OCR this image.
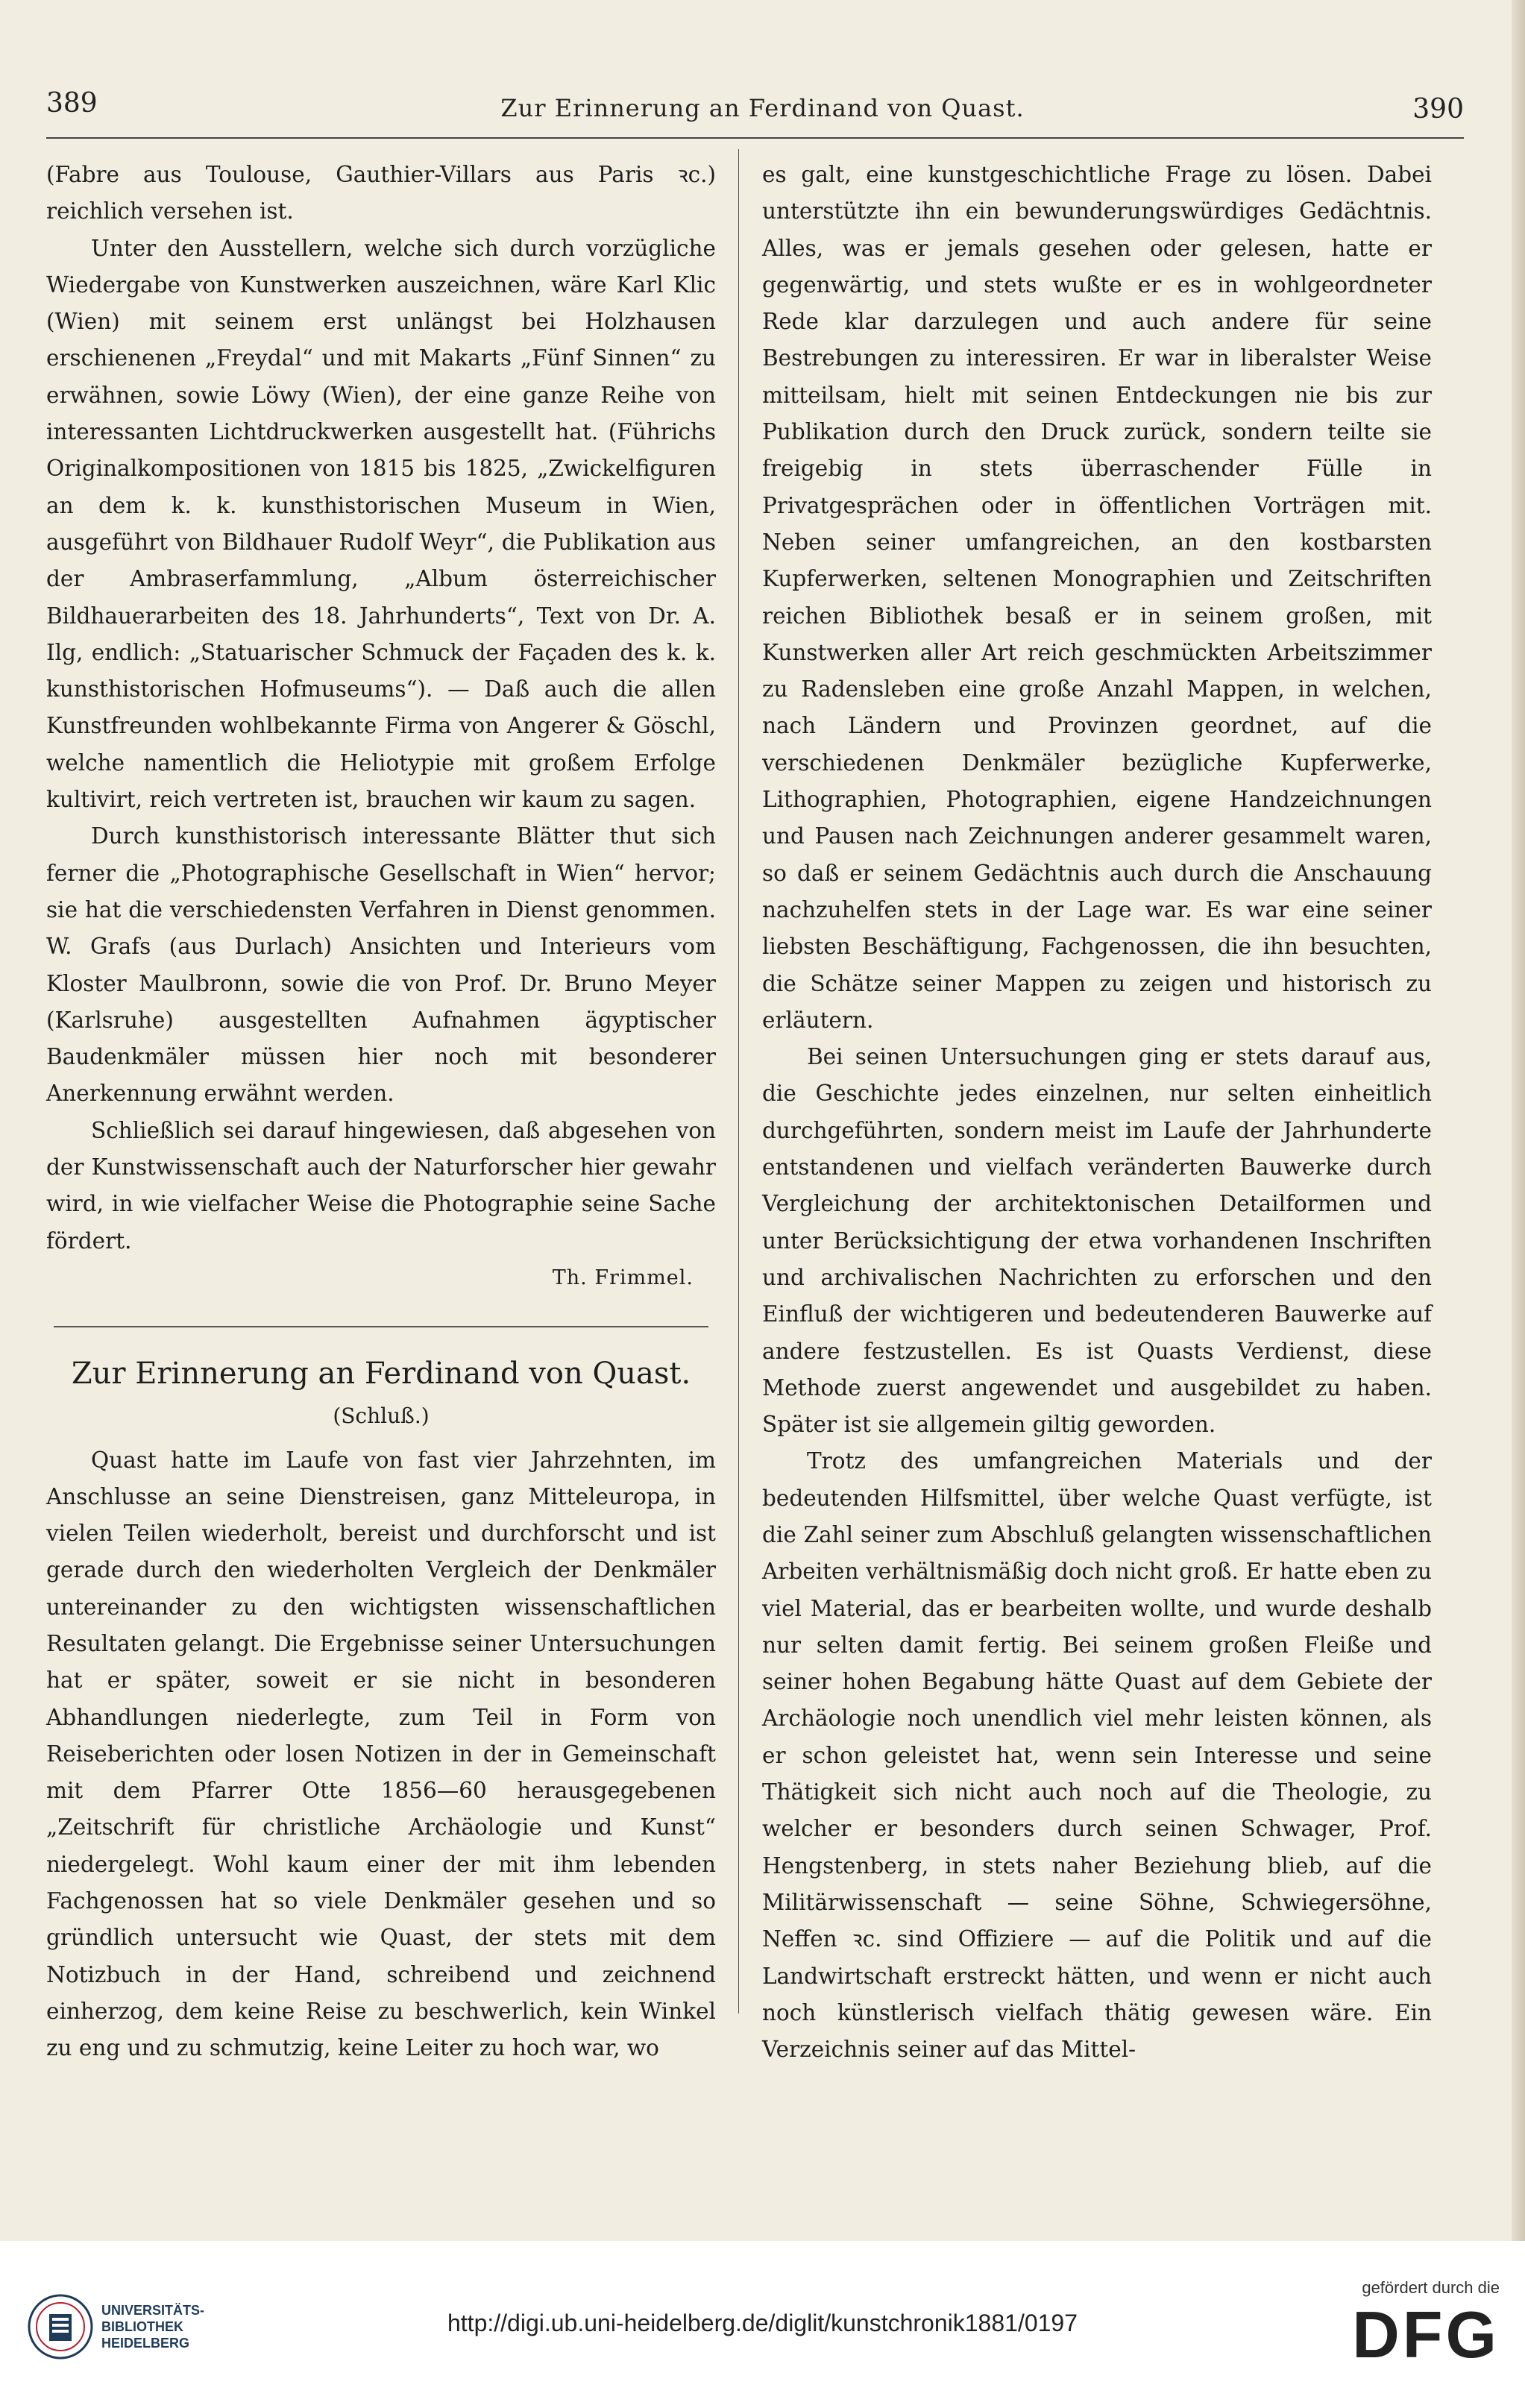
389	Zur Erinnerung an Ferdinand von Quast.	390

(Fabre aus Toulouse, Gauthier-Villars aus Paris ꝛc.) reichlich versehen ist.

Unter den Ausstellern, welche sich durch vorzügliche Wiedergabe von Kunstwerken auszeichnen, wäre Karl Klic (Wien) mit seinem erst unlängst bei Holzhausen erschienenen „Freydal“ und mit Makarts „Fünf Sinnen“ zu erwähnen, sowie Löwy (Wien), der eine ganze Reihe von interessanten Lichtdruckwerken ausgestellt hat. (Führichs Originalkompositionen von 1815 bis 1825, „Zwickelfiguren an dem k. k. kunsthistorischen Museum in Wien, ausgeführt von Bildhauer Rudolf Weyr“, die Publikation aus der Ambraserfammlung, „Album österreichischer Bildhauerarbeiten des 18. Jahrhunderts“, Text von Dr. A. Ilg, endlich: „Statuarischer Schmuck der Façaden des k. k. kunsthistorischen Hofmuseums“). — Daß auch die allen Kunstfreunden wohlbekannte Firma von Angerer & Göschl, welche namentlich die Heliotypie mit großem Erfolge kultivirt, reich vertreten ist, brauchen wir kaum zu sagen.

Durch kunsthistorisch interessante Blätter thut sich ferner die „Photographische Gesellschaft in Wien“ hervor; sie hat die verschiedensten Verfahren in Dienst genommen. W. Grafs (aus Durlach) Ansichten und Interieurs vom Kloster Maulbronn, sowie die von Prof. Dr. Bruno Meyer (Karlsruhe) ausgestellten Aufnahmen ägyptischer Baudenkmäler müssen hier noch mit besonderer Anerkennung erwähnt werden.

Schließlich sei darauf hingewiesen, daß abgesehen von der Kunstwissenschaft auch der Naturforscher hier gewahr wird, in wie vielfacher Weise die Photographie seine Sache fördert.

Th. Frimmel.

Zur Erinnerung an Ferdinand von Quast.

(Schluß.)

Quast hatte im Laufe von fast vier Jahrzehnten, im Anschlusse an seine Dienstreisen, ganz Mitteleuropa, in vielen Teilen wiederholt, bereist und durchforscht und ist gerade durch den wiederholten Vergleich der Denkmäler untereinander zu den wichtigsten wissenschaftlichen Resultaten gelangt. Die Ergebnisse seiner Untersuchungen hat er später, soweit er sie nicht in besonderen Abhandlungen niederlegte, zum Teil in Form von Reiseberichten oder losen Notizen in der in Gemeinschaft mit dem Pfarrer Otte 1856—60 herausgegebenen „Zeitschrift für christliche Archäologie und Kunst“ niedergelegt. Wohl kaum einer der mit ihm lebenden Fachgenossen hat so viele Denkmäler gesehen und so gründlich untersucht wie Quast, der stets mit dem Notizbuch in der Hand, schreibend und zeichnend einherzog, dem keine Reise zu beschwerlich, kein Winkel zu eng und zu schmutzig, keine Leiter zu hoch war, wo

es galt, eine kunstgeschichtliche Frage zu lösen. Dabei unterstützte ihn ein bewunderungswürdiges Gedächtnis. Alles, was er jemals gesehen oder gelesen, hatte er gegenwärtig, und stets wußte er es in wohlgeordneter Rede klar darzulegen und auch andere für seine Bestrebungen zu interessiren. Er war in liberalster Weise mitteilsam, hielt mit seinen Entdeckungen nie bis zur Publikation durch den Druck zurück, sondern teilte sie freigebig in stets überraschender Fülle in Privatgesprächen oder in öffentlichen Vorträgen mit. Neben seiner umfangreichen, an den kostbarsten Kupferwerken, seltenen Monographien und Zeitschriften reichen Bibliothek besaß er in seinem großen, mit Kunstwerken aller Art reich geschmückten Arbeitszimmer zu Radensleben eine große Anzahl Mappen, in welchen, nach Ländern und Provinzen geordnet, auf die verschiedenen Denkmäler bezügliche Kupferwerke, Lithographien, Photographien, eigene Handzeichnungen und Pausen nach Zeichnungen anderer gesammelt waren, so daß er seinem Gedächtnis auch durch die Anschauung nachzuhelfen stets in der Lage war. Es war eine seiner liebsten Beschäftigung, Fachgenossen, die ihn besuchten, die Schätze seiner Mappen zu zeigen und historisch zu erläutern.

Bei seinen Untersuchungen ging er stets darauf aus, die Geschichte jedes einzelnen, nur selten einheitlich durchgeführten, sondern meist im Laufe der Jahrhunderte entstandenen und vielfach veränderten Bauwerke durch Vergleichung der architektonischen Detailformen und unter Berücksichtigung der etwa vorhandenen Inschriften und archivalischen Nachrichten zu erforschen und den Einfluß der wichtigeren und bedeutenderen Bauwerke auf andere festzustellen. Es ist Quasts Verdienst, diese Methode zuerst angewendet und ausgebildet zu haben. Später ist sie allgemein giltig geworden.

Trotz des umfangreichen Materials und der bedeutenden Hilfsmittel, über welche Quast verfügte, ist die Zahl seiner zum Abschluß gelangten wissenschaftlichen Arbeiten verhältnismäßig doch nicht groß. Er hatte eben zu viel Material, das er bearbeiten wollte, und wurde deshalb nur selten damit fertig. Bei seinem großen Fleiße und seiner hohen Begabung hätte Quast auf dem Gebiete der Archäologie noch unendlich viel mehr leisten können, als er schon geleistet hat, wenn sein Interesse und seine Thätigkeit sich nicht auch noch auf die Theologie, zu welcher er besonders durch seinen Schwager, Prof. Hengstenberg, in stets naher Beziehung blieb, auf die Militärwissenschaft — seine Söhne, Schwiegersöhne, Neffen ꝛc. sind Offiziere — auf die Politik und auf die Landwirtschaft erstreckt hätten, und wenn er nicht auch noch künstlerisch vielfach thätig gewesen wäre. Ein Verzeichnis seiner auf das Mittel-

UNIVERSITÄTS-
BIBLIOTHEK
HEIDELBERG
http://digi.ub.uni-heidelberg.de/diglit/kunstchronik1881/0197
gefördert durch die
DFG
